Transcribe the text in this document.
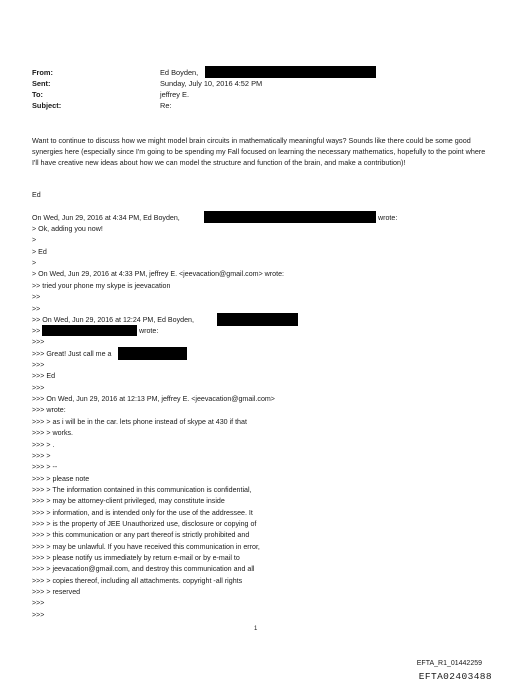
From:	Ed Boyden,
Sent:	Sunday, July 10, 2016 4:52 PM
To:	jeffrey E.
Subject:	Re:
Want to continue to discuss how we might model brain circuits in mathematically meaningful ways? Sounds like there could be some good synergies here (especially since I'm going to be spending my Fall focused on learning the necessary mathematics, hopefully to the point where I'll have creative new ideas about how we can model the structure and function of the brain, and make a contribution)!
Ed
On Wed, Jun 29, 2016 at 4:34 PM, Ed Boyden,	wrote:
> Ok, adding you now!
>
> Ed
>
> On Wed, Jun 29, 2016 at 4:33 PM, jeffrey E. <jeevacation@gmail.com> wrote:
>> tried your phone my skype is jeevacation
>>
>>
>> On Wed, Jun 29, 2016 at 12:24 PM, Ed Boyden,
>>	wrote:
>>>
>>> Great! Just call me a
>>>
>>> Ed
>>>
>>> On Wed, Jun 29, 2016 at 12:13 PM, jeffrey E. <jeevacation@gmail.com>
>>> wrote:
>>> > as i will be in the car. lets phone instead of skype at 430 if that
>>> > works.
>>> > .
>>> >
>>> > --
>>> > please note
>>> > The information contained in this communication is confidential,
>>> > may be attorney-client privileged, may constitute inside
>>> > information, and is intended only for the use of the addressee. It
>>> > is the property of JEE Unauthorized use, disclosure or copying of
>>> > this communication or any part thereof is strictly prohibited and
>>> > may be unlawful. If you have received this communication in error,
>>> > please notify us immediately by return e-mail or by e-mail to
>>> > jeevacation@gmail.com, and destroy this communication and all
>>> > copies thereof, including all attachments. copyright -all rights
>>> > reserved
>>>
>>>
1
EFTA_R1_01442259
EFTA02403488
